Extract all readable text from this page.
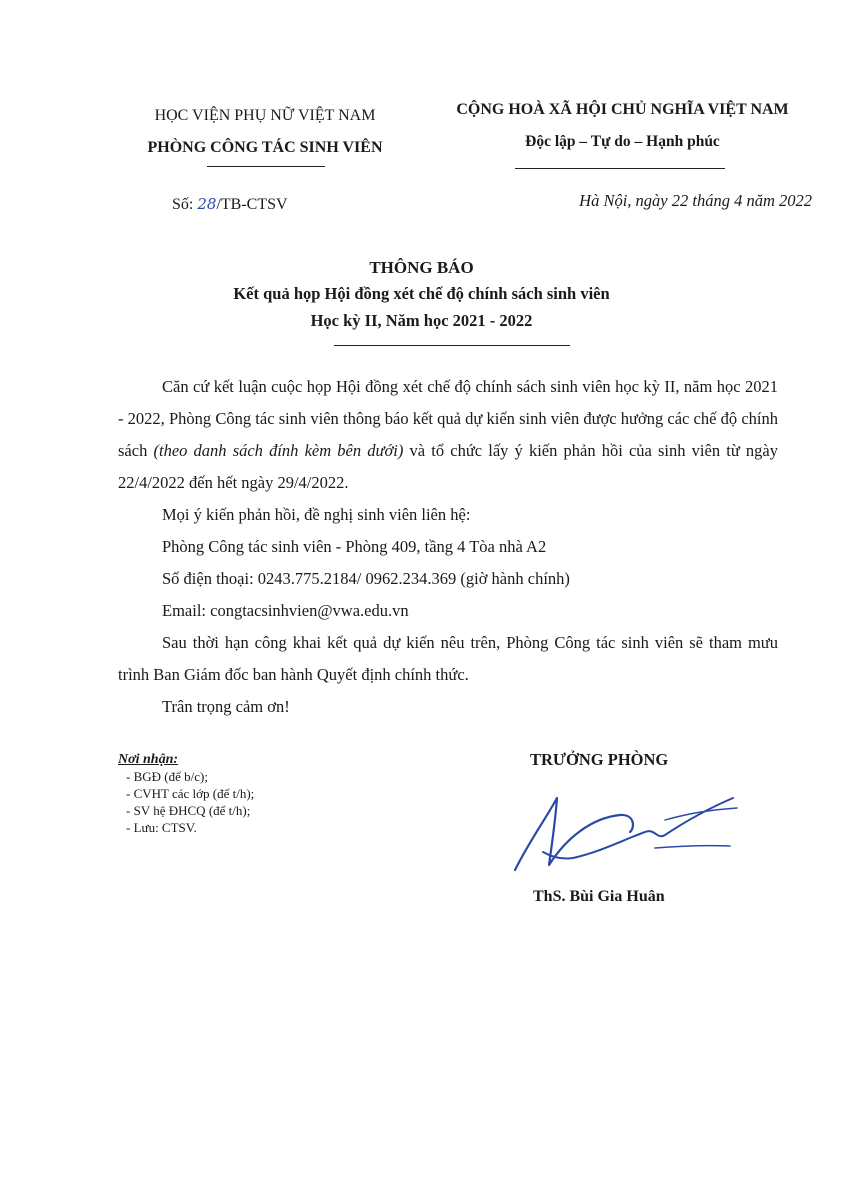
HỌC VIỆN PHỤ NỮ VIỆT NAM
PHÒNG CÔNG TÁC SINH VIÊN
CỘNG HOÀ XÃ HỘI CHỦ NGHĨA VIỆT NAM
Độc lập – Tự do – Hạnh phúc
Số: 28/TB-CTSV	Hà Nội, ngày 22 tháng 4 năm 2022
THÔNG BÁO
Kết quả họp Hội đồng xét chế độ chính sách sinh viên
Học kỳ II, Năm học 2021 - 2022

Căn cứ kết luận cuộc họp Hội đồng xét chế độ chính sách sinh viên học kỳ II, năm học 2021 - 2022, Phòng Công tác sinh viên thông báo kết quả dự kiến sinh viên được hưởng các chế độ chính sách (theo danh sách đính kèm bên dưới) và tổ chức lấy ý kiến phản hồi của sinh viên từ ngày 22/4/2022 đến hết ngày 29/4/2022.

Mọi ý kiến phản hồi, đề nghị sinh viên liên hệ:

Phòng Công tác sinh viên - Phòng 409, tầng 4 Tòa nhà A2

Số điện thoại: 0243.775.2184/ 0962.234.369 (giờ hành chính)

Email: congtacsinhvien@vwa.edu.vn

Sau thời hạn công khai kết quả dự kiến nêu trên, Phòng Công tác sinh viên sẽ tham mưu trình Ban Giám đốc ban hành Quyết định chính thức.

Trân trọng cảm ơn!

Nơi nhận:
- BGĐ (để b/c);
- CVHT các lớp (để t/h);
- SV hệ ĐHCQ (để t/h);
- Lưu: CTSV.
TRƯỞNG PHÒNG
ThS. Bùi Gia Huân
